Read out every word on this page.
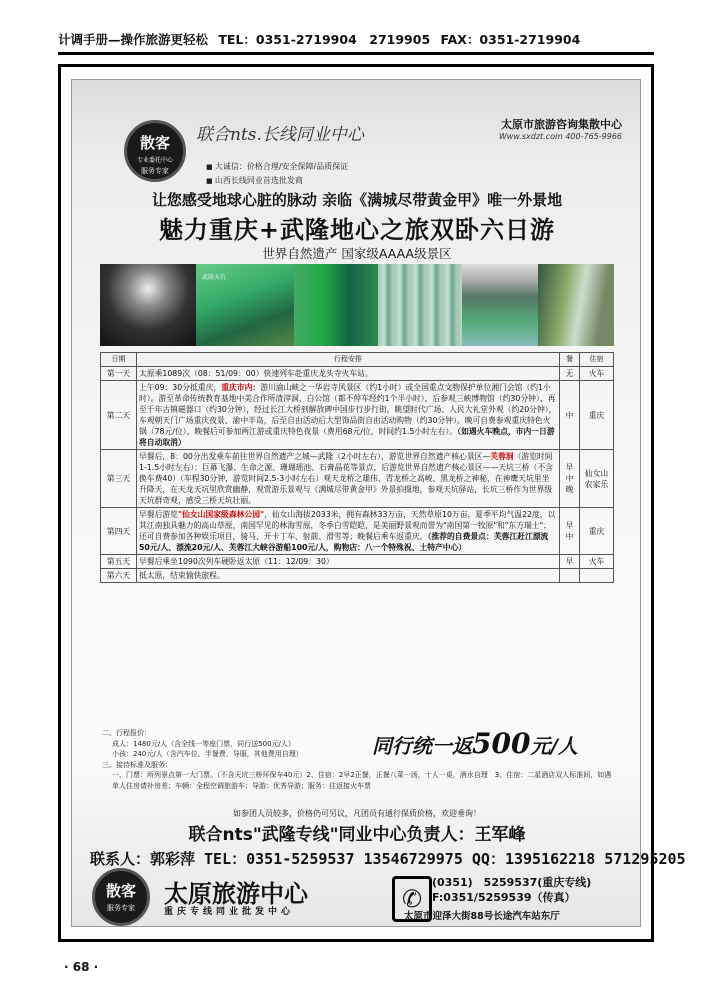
计调手册—操作旅游更轻松 TEL：0351-2719904　2719905 FAX：0351-2719904
散客
专业委托中心
服务专家
联合nts.长线同业中心
■ 大诚信：价格合理/安全保障/品质保证
■ 山西长线同业首选批发商
太原市旅游咨询集散中心
Www.sxdzt.com 400-765-9966
让您感受地球心脏的脉动 亲临《满城尽带黄金甲》唯一外景地
魅力重庆+武隆地心之旅双卧六日游
世界自然遗产 国家级AAAA级景区
武隆天坑
日期	行程安排	餐	住宿
第一天	太原乘1089次（08：51/09：00）快速列车赴重庆龙头寺火车站。	无	火车
第二天	上午09：30分抵重庆，重庆市内：游川渝山峡之一华岩寺风景区（约1小时）或全国重点文物保护单位湘门会馆（约1小时）。游至革命传统教育基地中美合作所渣滓洞、白公馆（都不停车经约1个半小时），后参观三峡博物馆（约30分钟），再至千年古镇磁器口（约30分钟），经过长江大桥到解放碑中国步行步行街，眺望时代广场、人民大礼堂外观（约20分钟），车观朝天门广场重庆夜景、渝中半岛，后至自由活动后大型饰品街自由活动购物（约30分钟）。晚可自费参观重庆特色火锅（78元/位），晚餐后可参加两江游或重庆特色夜景（费用68元/位，时间约1.5小时左右）。（如遇火车晚点，市内一日游将自动取消）	中	重庆
第三天	早餐后，8：00分出发乘车前往世界自然遗产之城—武隆（2小时左右），游览世界自然遗产核心景区—芙蓉洞（游览时间1-1.5小时左右）：巨幕飞瀑、生命之源、珊瑚瑶池、石膏晶花等景点，后游览世界自然遗产核心景区——天坑三桥（不含换车费40）（车程30分钟，游览时间2.5-3小时左右）观天龙桥之雄伟、青龙桥之高峻、黑龙桥之神秘，在神鹰天坑里坐升降天，在天龙天坑里欣赏幽静，观赏游乐景观与《满城尽带黄金甲》外景拍摄地，参观天坑驿站，长坑三桥作为世界级天坑群奇观，感受三桥天坑壮丽。	早中晚	仙女山农家乐
第四天	早餐后游览"仙女山国家级森林公园"，仙女山海拔2033米，拥有森林33万亩，天然草原10万亩，夏季平均气温22度，以其江南独具魅力的高山草原，南国罕见的林海雪原，冬季白雪皑皑，是美丽野景观而誉为"南国第一牧原"和"东方瑞士"；还可自费参加各种娱乐项目，骑马、开卡丁车、射箭、滑雪等；晚餐后乘车返重庆。（推荐的自费景点：芙蓉江赶江漂流50元/人、漂流20元/人、芙蓉江大峡谷游船100元/人，购物店：八一个特殊祝、土特产中心）	早中	重庆
第五天	早餐后乘坐1090次列车硬卧返太原（11：12/09：30）	早	火车
第六天	抵太原，结束愉快旅程。		
二、行程报价：
成人：1480元/人（含全线一等座门票，同行送500元/人）
小孩：240元/人（含汽车位、半餐费、导服，其他费用自理）
三、接待标准及服务：
一、门票：所列景点第一大门票。（不含天坑三桥环保车40元）2、住宿：2早2正餐，正餐八菜一汤，十人一桌，酒水自理　3、住宿：二星酒店双人标准间，如遇单人住房请补房差；车辆：全程空调旅游车；导游：优秀导游；服务：往返接火车票
同行统一返500元/人
如参团人员较多，价格仍可另议，凡团员有通行保质价格，欢迎垂询！
联合nts"武隆专线"同业中心负责人：王军峰
联系人：郭彩萍 TEL：0351-5259537 13546729975 QQ：1395162218 571295205
散客
服务专家	太原旅游中心
重庆专线同业批发中心	✆
(0351)　5259537(重庆专线)
F:0351/5259539（传真）
太原市迎泽大街88号长途汽车站东厅
· 68 ·
